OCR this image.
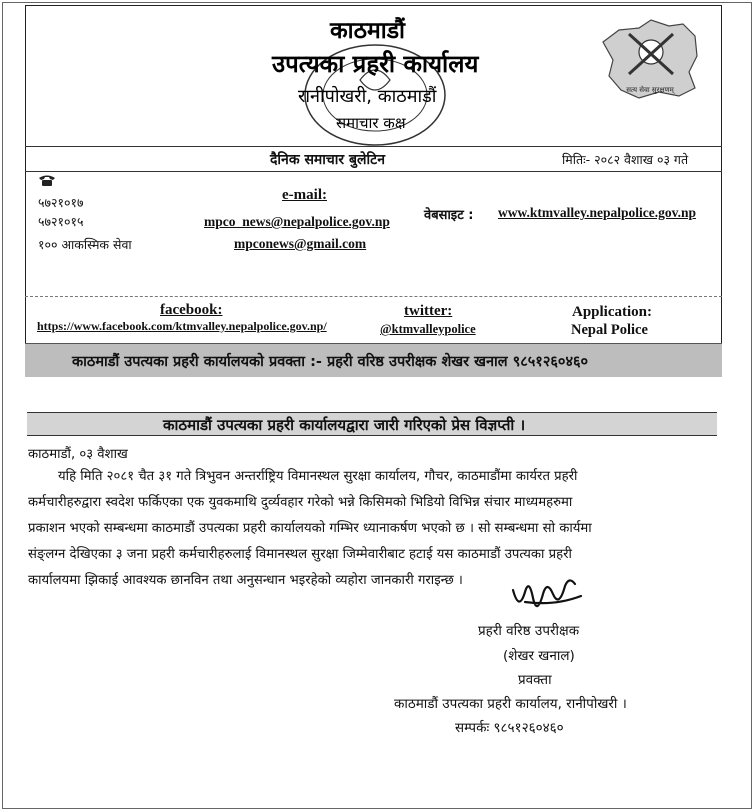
काठमाडौं
उपत्यका प्रहरी कार्यालय
रानीपोखरी, काठमाडौं
समाचार कक्ष
सत्य सेवा सुरक्षणम्
दैनिक समाचार बुलेटिन	मितिः- २०८२ वैशाख ०३ गते
५७२१०१७
५७२१०१५
१०० आकस्मिक सेवा
e-mail:
mpco_news@nepalpolice.gov.np
mpconews@gmail.com
वेबसाइट : www.ktmvalley.nepalpolice.gov.np
facebook:
https://www.facebook.com/ktmvalley.nepalpolice.gov.np/
twitter:
@ktmvalleypolice
Application:
Nepal Police
काठमाडौं उपत्यका प्रहरी कार्यालयको प्रवक्ता :- प्रहरी वरिष्ठ उपरीक्षक शेखर खनाल ९८५१२६०४६०
काठमाडौं उपत्यका प्रहरी कार्यालयद्वारा जारी गरिएको प्रेस विज्ञप्ती ।
काठमाडौं, ०३ वैशाख
यहि मिति २०८१ चैत ३१ गते त्रिभुवन अन्तर्राष्ट्रिय विमानस्थल सुरक्षा कार्यालय, गौचर, काठमाडौंमा कार्यरत प्रहरी
कर्मचारीहरुद्वारा स्वदेश फर्किएका एक युवकमाथि दुर्व्यवहार गरेको भन्ने किसिमको भिडियो विभिन्न संचार माध्यमहरुमा
प्रकाशन भएको सम्बन्धमा काठमाडौं उपत्यका प्रहरी कार्यालयको गम्भिर ध्यानाकर्षण भएको छ । सो सम्बन्धमा सो कार्यमा
संङ्लग्न देखिएका ३ जना प्रहरी कर्मचारीहरुलाई विमानस्थल सुरक्षा जिम्मेवारीबाट हटाई यस काठमाडौं उपत्यका प्रहरी
कार्यालयमा झिकाई आवश्यक छानविन तथा अनुसन्धान भइरहेको व्यहोरा जानकारी गराइन्छ ।
प्रहरी वरिष्ठ उपरीक्षक
(शेखर खनाल)
प्रवक्ता
काठमाडौं उपत्यका प्रहरी कार्यालय, रानीपोखरी ।
सम्पर्कः ९८५१२६०४६०
